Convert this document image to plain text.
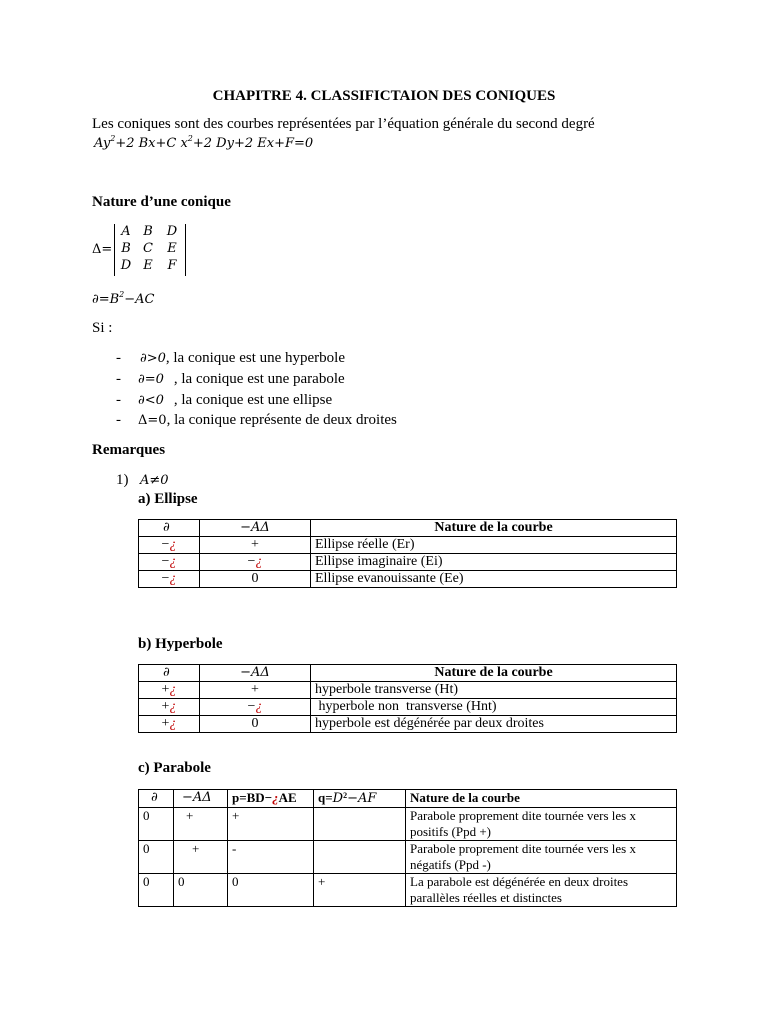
CHAPITRE 4. CLASSIFICTAION DES CONIQUES
Les coniques sont des courbes représentées par l’équation générale du second degré
$Ay^2+2$ Bx+C $x^2+2$ Dy+2 Ex+F=0
Nature d’une conique
Δ=
A B	D
B C	E
D E	F
$\partial=B^2-AC$
Si :
- ∂>0, la conique est une hyperbole
- ∂=0 , la conique est une parabole
- ∂<0 , la conique est une ellipse
- Δ=0, la conique représente de deux droites
Remarques
1) A≠0
a) Ellipse
∂	−AΔ	Nature de la courbe
−¿	+	Ellipse réelle (Er)
−¿	−¿	Ellipse imaginaire (Ei)
−¿	0	Ellipse evanouissante (Ee)
b) Hyperbole
∂	−AΔ	Nature de la courbe
+¿	+	hyperbole transverse (Ht)
+¿	−¿	hyperbole non  transverse (Hnt)
+¿	0	hyperbole est dégénérée par deux droites
c) Parabole
∂	−AΔ	p=BD−¿AE	$q=D^2-AF$	Nature de la courbe
0	+	+		Parabole proprement dite tournée vers les x positifs (Ppd +)
0	+	-		Parabole proprement dite tournée vers les x négatifs (Ppd -)
0	0	0	+	La parabole est dégénérée en deux droites parallèles réelles et distinctes
